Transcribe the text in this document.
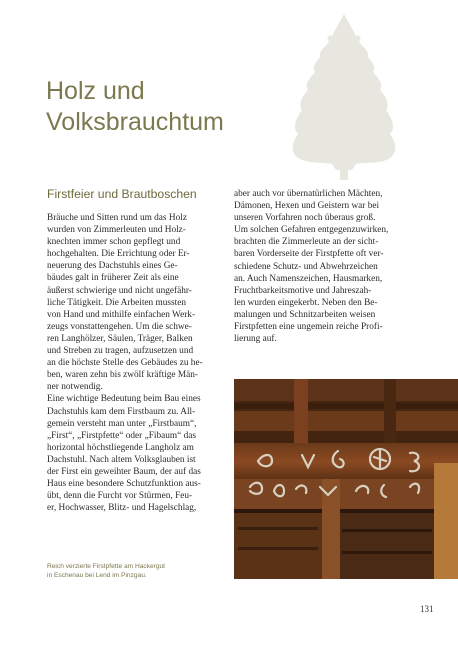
Holz und
Volksbrauchtum
Firstfeier und Brautboschen

Bräuche und Sitten rund um das Holz

wurden von Zimmerleuten und Holz-

knechten immer schon gepflegt und

hochgehalten. Die Errichtung oder Er-

neuerung des Dachstuhls eines Ge-

bäudes galt in früherer Zeit als eine

äußerst schwierige und nicht ungefähr-

liche Tätigkeit. Die Arbeiten mussten

von Hand und mithilfe einfachen Werk-

zeugs vonstattengehen. Um die schwe-

ren Langhölzer, Säulen, Träger, Balken

und Streben zu tragen, aufzusetzen und

an die höchste Stelle des Gebäudes zu he-

ben, waren zehn bis zwölf kräftige Män-

ner notwendig.

Eine wichtige Bedeutung beim Bau eines

Dachstuhls kam dem Firstbaum zu. All-

gemein versteht man unter „Firstbaum“,

„First“, „Firstpfette“ oder „Fibaum“ das

horizontal höchstliegende Langholz am

Dachstuhl. Nach altem Volksglauben ist

der First ein geweihter Baum, der auf das

Haus eine besondere Schutzfunktion aus-

übt, denn die Furcht vor Stürmen, Feu-

er, Hochwasser, Blitz- und Hagelschlag,

aber auch vor übernatürlichen Mächten,

Dämonen, Hexen und Geistern war bei

unseren Vorfahren noch überaus groß.

Um solchen Gefahren entgegenzuwirken,

brachten die Zimmerleute an der sicht-

baren Vorderseite der Firstpfette oft ver-

schiedene Schutz- und Abwehrzeichen

an. Auch Namenszeichen, Hausmarken,

Fruchtbarkeitsmotive und Jahreszah-

len wurden eingekerbt. Neben den Be-

malungen und Schnitzarbeiten weisen

Firstpfetten eine ungemein reiche Profi-

lierung auf.

Reich verzierte Firstpfette am Hackergut
in Eschenau bei Lend im Pinzgau.
131
